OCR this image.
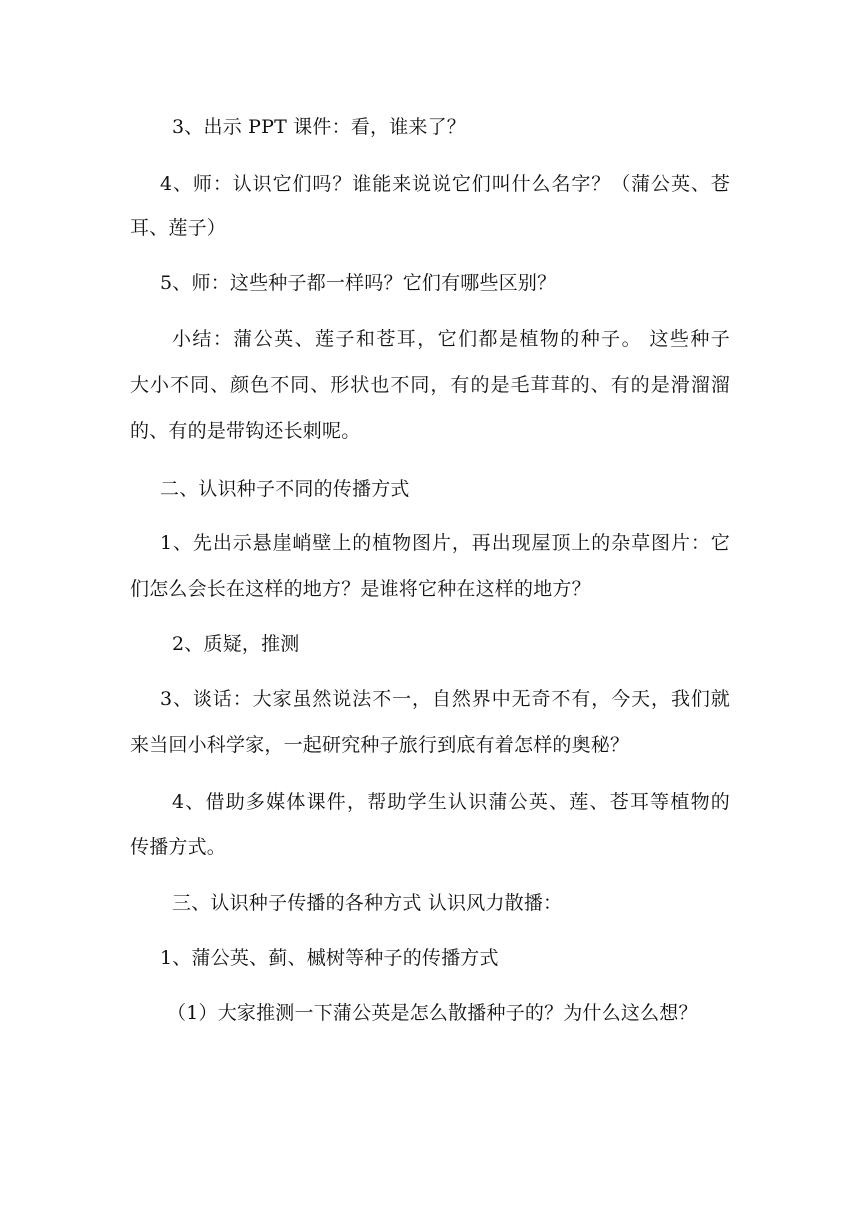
3、出示 PPT 课件：看，谁来了？
4、师：认识它们吗？谁能来说说它们叫什么名字？（蒲公英、苍
耳、莲子）
5、师：这些种子都一样吗？它们有哪些区别？
小结：蒲公英、莲子和苍耳，它们都是植物的种子。 这些种子
大小不同、颜色不同、形状也不同，有的是毛茸茸的、有的是滑溜溜
的、有的是带钩还长刺呢。
二、认识种子不同的传播方式
1、先出示悬崖峭壁上的植物图片，再出现屋顶上的杂草图片：它
们怎么会长在这样的地方？是谁将它种在这样的地方？
2、质疑，推测
3、谈话：大家虽然说法不一，自然界中无奇不有，今天，我们就
来当回小科学家，一起研究种子旅行到底有着怎样的奥秘？
4、借助多媒体课件，帮助学生认识蒲公英、莲、苍耳等植物的
传播方式。
三、认识种子传播的各种方式 认识风力散播：
1、蒲公英、蓟、槭树等种子的传播方式
（1）大家推测一下蒲公英是怎么散播种子的？为什么这么想？
